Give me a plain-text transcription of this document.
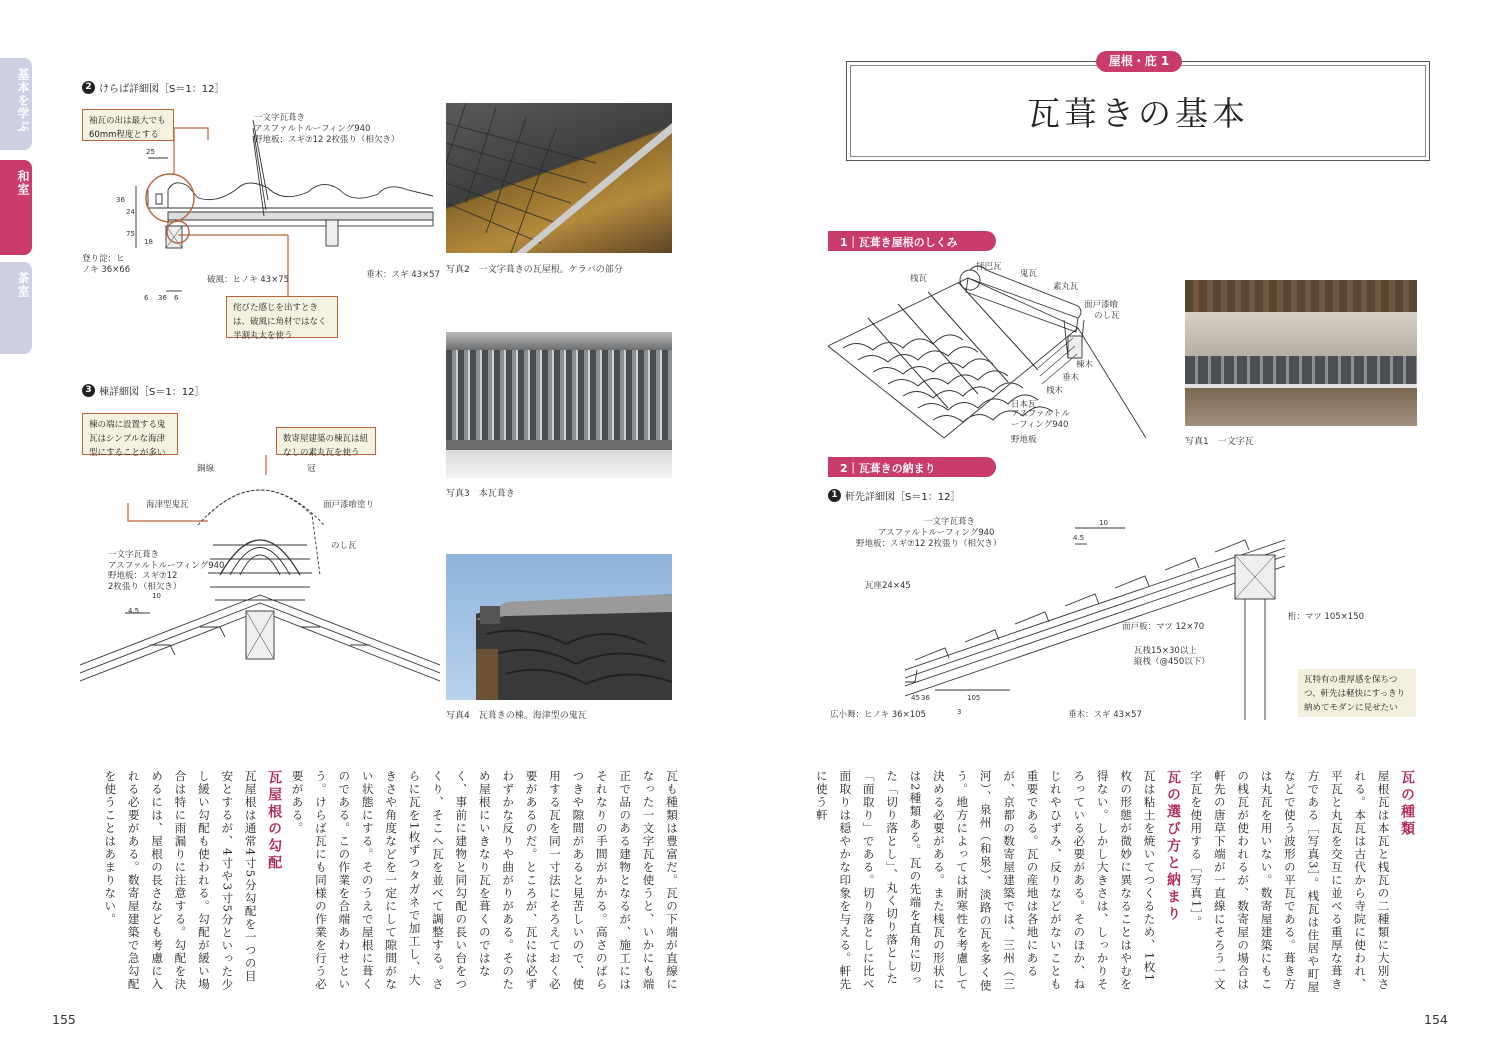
基本を学ぶ
和室
茶室
2 けらば詳細図［S＝1：12］
袖瓦の出は最大でも60mm程度とする
侘びた感じを出すときは、破風に角材ではなく半割丸太を使う
25
36
24
75
18
6 36 6
一文字瓦葺き
アスファルトルーフィング940
野地板：スギ⑦12 2枚張り（相欠き）
登り淀：ヒノキ 36×66
破風：ヒノキ 43×75	垂木：スギ 43×57 写真2　一文字葺きの瓦屋根。ケラバの部分
3 棟詳細図［S＝1：12］
棟の端に設置する鬼瓦はシンプルな海津型にすることが多い
数寄屋建築の棟瓦は紐なしの素丸瓦を使う
4.5
10
銅線	冠
海津型鬼瓦	面戸漆喰塗り
のし瓦
一文字瓦葺き
アスファルトルーフィング940
野地板：スギ⑦12 2枚張り（相欠き）
写真3　本瓦葺き
写真4　瓦葺きの棟。海津型の鬼瓦
瓦も種類は豊富だ。瓦の下端が直線になった一文字瓦を使うと、いかにも端正で品のある建物となるが、施工にはそれなりの手間がかかる。高さのばらつきや隙間があると見苦しいので、使用する瓦を同一寸法にそろえておく必要があるのだ。ところが、瓦には必ずわずかな反りや曲がりがある。そのため屋根にいきなり瓦を葺くのではなく、事前に建物と同勾配の長い台をつくり、そこへ瓦を並べて調整する。さらに瓦を1枚ずつタガネで加工し、大きさや角度などを一定にして隙間がない状態にする。そのうえで屋根に葺くのである。この作業を合端あわせという。けらば瓦にも同様の作業を行う必要がある。
瓦屋根の勾配
瓦屋根は通常4寸5分勾配を一つの目安とするが、4寸や3寸5分といった少し緩い勾配も使われる。勾配が緩い場合は特に雨漏りに注意する。勾配を決めるには、屋根の長さなども考慮に入れる必要がある。数寄屋建築で急勾配を使うことはあまりない。
155
屋根・庇 1
瓦葺きの基本
1｜瓦葺き屋根のしくみ
拝巴瓦
鬼瓦
桟瓦
素丸瓦
面戸漆喰
のし瓦
棟木
垂木
桟木
日本瓦
アスファルトルーフィング940
野地板	写真1　一文字瓦
2｜瓦葺きの納まり
1 軒先詳細図［S＝1：12］
10
4.5
105
45 36
3
一文字瓦葺き
アスファルトルーフィング940
野地板：スギ⑦12 2枚張り（相欠き）
瓦座24×45
面戸板：マツ 12×70
瓦桟15×30以上
縦桟（@450以下）
桁：マツ 105×150
広小舞：ヒノキ 36×105	垂木：スギ 43×57
瓦特有の重厚感を保ちつつ、軒先は軽快にすっきり納めてモダンに見せたい
瓦の種類
屋根瓦は本瓦と桟瓦の二種類に大別される。本瓦は古代から寺院に使われ、平瓦と丸瓦を交互に並べる重厚な葺き方である［写真3］。桟瓦は住居や町屋などで使う波形の平瓦である。葺き方は丸瓦を用いない。数寄屋建築にもこの桟瓦が使われるが、数寄屋の場合は軒先の唐草下端が一直線にそろう一文字瓦を使用する［写真1］。
瓦の選び方と納まり
瓦は粘土を焼いてつくるため、1枚1枚の形態が微妙に異なることはやむを得ない。しかし大きさは、しっかりそろっている必要がある。そのほか、ねじれやひずみ、反りなどがないことも重要である。瓦の産地は各地にあるが、京都の数寄屋建築では、三州（三河）、泉州（和泉）、淡路の瓦を多く使う。地方によっては耐寒性を考慮して決める必要がある。また桟瓦の形状には2種類ある。瓦の先端を直角に切った「切り落とし」、丸く切り落とした「面取り」である。切り落としに比べ面取りは穏やかな印象を与える。軒先に使う軒
154
